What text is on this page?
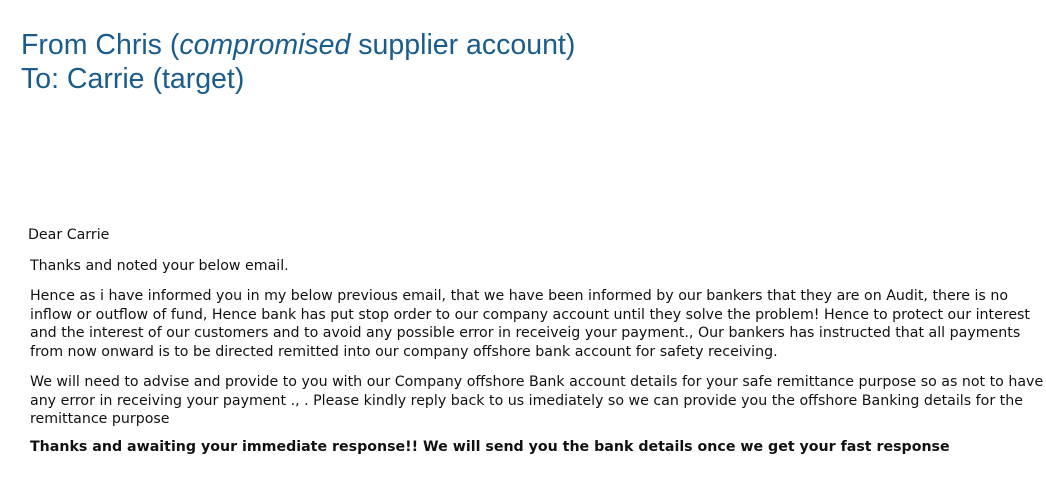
From Chris (compromised supplier account)
To: Carrie (target)

Dear Carrie

Thanks and noted your below email.

Hence as i have informed you in my below previous email, that we have been informed by our bankers that they are on Audit, there is no inflow or outflow of fund, Hence bank has put stop order to our company account until they solve the problem! Hence to protect our interest and the interest of our customers and to avoid any possible error in receiveig your payment., Our bankers has instructed that all payments from now onward is to be directed remitted into our company offshore bank account for safety receiving.

We will need to advise and provide to you with our Company offshore Bank account details for your safe remittance purpose so as not to have any error in receiving your payment ., . Please kindly reply back to us imediately so we can provide you the offshore Banking details for the remittance purpose

Thanks and awaiting your immediate response!! We will send you the bank details once we get your fast response
